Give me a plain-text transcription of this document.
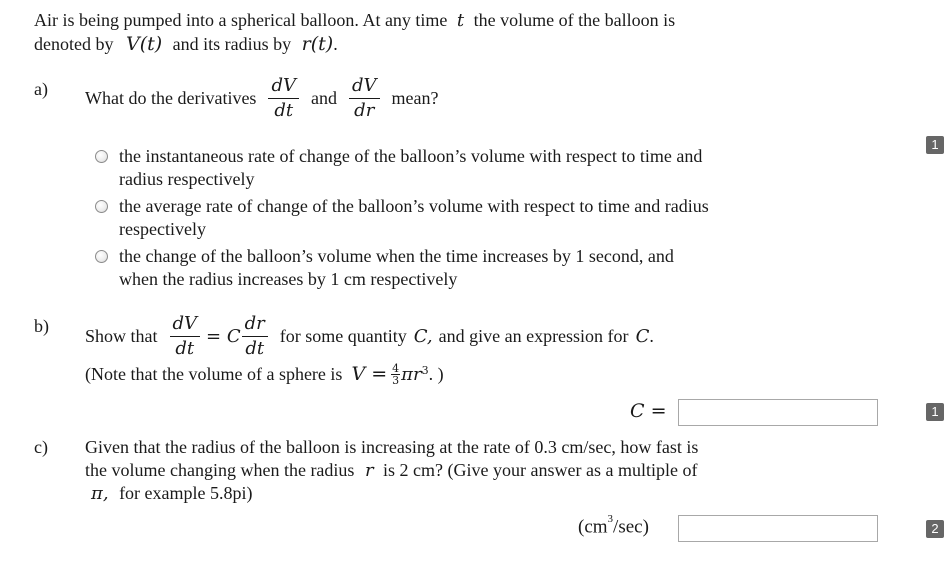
Air is being pumped into a spherical balloon. At any time t the volume of the balloon is
denoted by V(t) and its radius by r(t).
a) What do the derivatives $\frac{dV}{dt}$ and $\frac{dV}{dr}$ mean?
1
the instantaneous rate of change of the balloon’s volume with respect to time and
radius respectively
the average rate of change of the balloon’s volume with respect to time and radius
respectively
the change of the balloon’s volume when the time increases by 1 second, and
when the radius increases by 1 cm respectively
b) Show that $\frac{dV}{dt} = C \frac{dr}{dt}$ for some quantity C, and give an expression for C .
(Note that the volume of a sphere is $V = \frac{4}{3} \pi r^3$ . )
C =	1
c) Given that the radius of the balloon is increasing at the rate of 0.3 cm/sec, how fast is
the volume changing when the radius r is 2 cm? (Give your answer as a multiple of
π, for example 5.8pi)
$(cm^3/\sec)$	2
